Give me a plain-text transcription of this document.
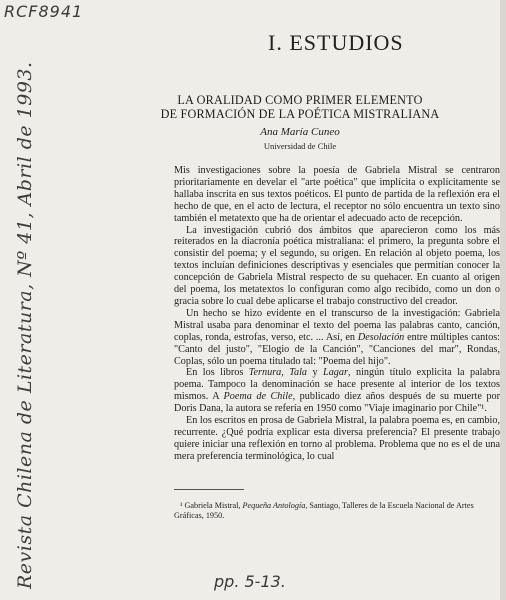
RCF8941
Revista Chilena de Literatura, Nº 41, Abril de 1993.
I. ESTUDIOS
LA ORALIDAD COMO PRIMER ELEMENTO
DE FORMACIÓN DE LA POÉTICA MISTRALIANA
Ana María Cuneo
Universidad de Chile

Mis investigaciones sobre la poesía de Gabriela Mistral se centraron prioritariamente en develar el "arte poética" que implícita o explícitamente se hallaba inscrita en sus textos poéticos. El punto de partida de la reflexión era el hecho de que, en el acto de lectura, el receptor no sólo encuentra un texto sino también el metatexto que ha de orientar el adecuado acto de recepción.

La investigación cubrió dos ámbitos que aparecieron como los más reiterados en la diacronía poética mistraliana: el primero, la pregunta sobre el consistir del poema; y el segundo, su origen. En relación al objeto poema, los textos incluían definiciones descriptivas y esenciales que permitían conocer la concepción de Gabriela Mistral respecto de su quehacer. En cuanto al origen del poema, los metatextos lo configuran como algo recibido, como un don o gracia sobre lo cual debe aplicarse el trabajo constructivo del creador.

Un hecho se hizo evidente en el transcurso de la investigación: Gabriela Mistral usaba para denominar el texto del poema las palabras canto, canción, coplas, ronda, estrofas, verso, etc. ... Así, en Desolación entre múltiples cantos: "Canto del justo", "Elogio de la Canción", "Canciones del mar", Rondas, Coplas, sólo un poema titulado tal: "Poema del hijo".

En los libros Ternura, Tala y Lagar, ningún título explicita la palabra poema. Tampoco la denominación se hace presente al interior de los textos mismos. A Poema de Chile, publicado diez años después de su muerte por Doris Dana, la autora se refería en 1950 como "Viaje imaginario por Chile"¹.

En los escritos en prosa de Gabriela Mistral, la palabra poema es, en cambio, recurrente. ¿Qué podría explicar esta diversa preferencia? El presente trabajo quiere iniciar una reflexión en torno al problema. Problema que no es el de una mera preferencia terminológica, lo cual

¹ Gabriela Mistral, Pequeña Antología, Santiago, Talleres de la Escuela Nacional de Artes Gráficas, 1950.
pp. 5-13.
